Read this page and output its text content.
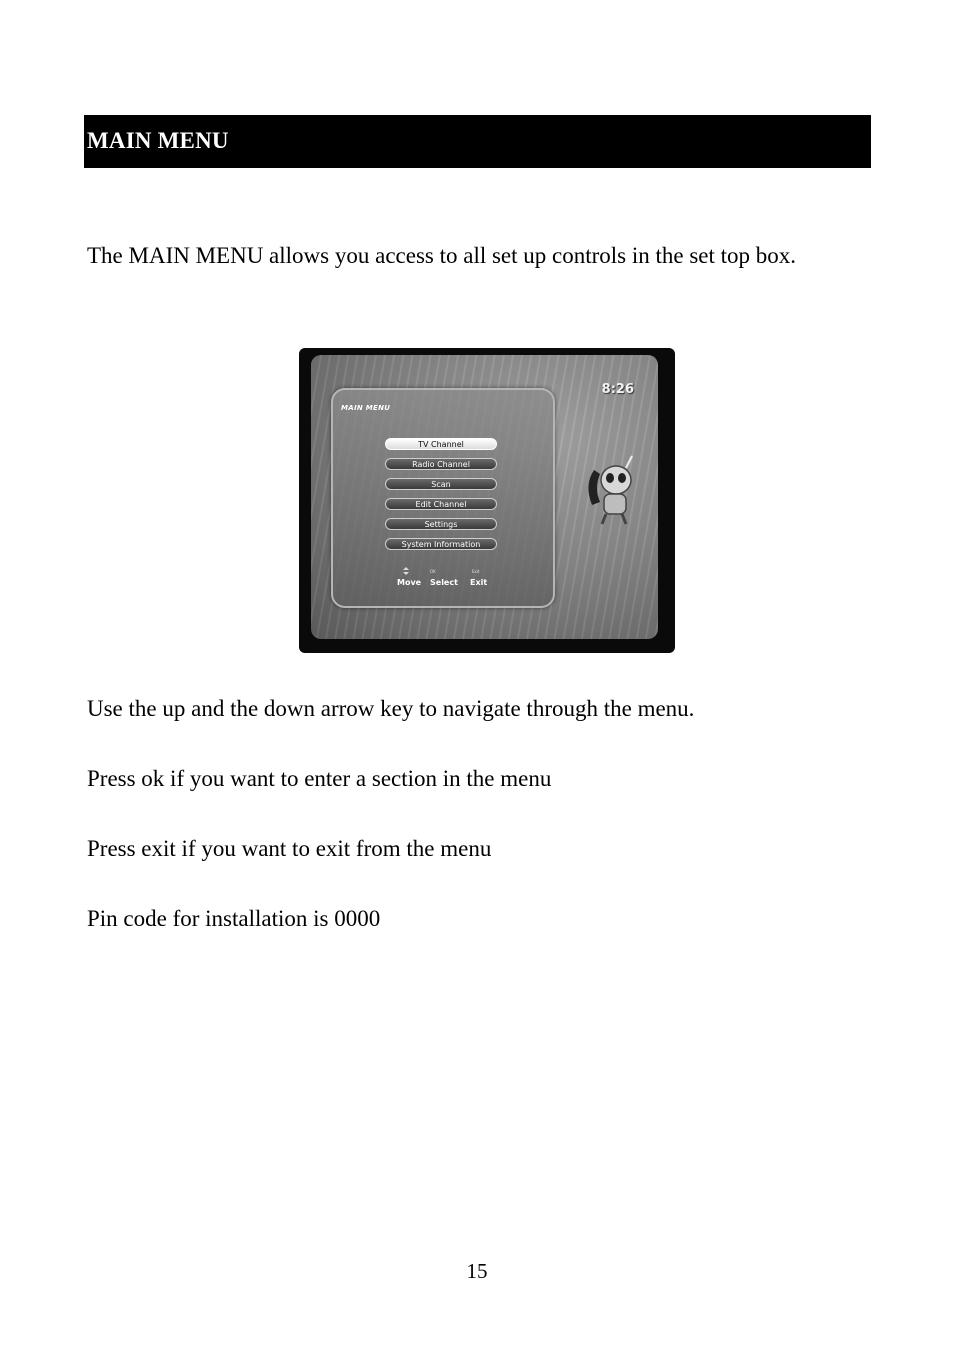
MAIN MENU
The MAIN MENU allows you access to all set up controls in the set top box.
8:26
MAIN MENU
TV Channel
Radio Channel
Scan
Edit Channel
Settings
System Information
OK	Exit
Move Select Exit
Use the up and the down arrow key to navigate through the menu.
Press ok if you want to enter a section in the menu
Press exit if you want to exit from the menu
Pin code for installation is 0000
15
